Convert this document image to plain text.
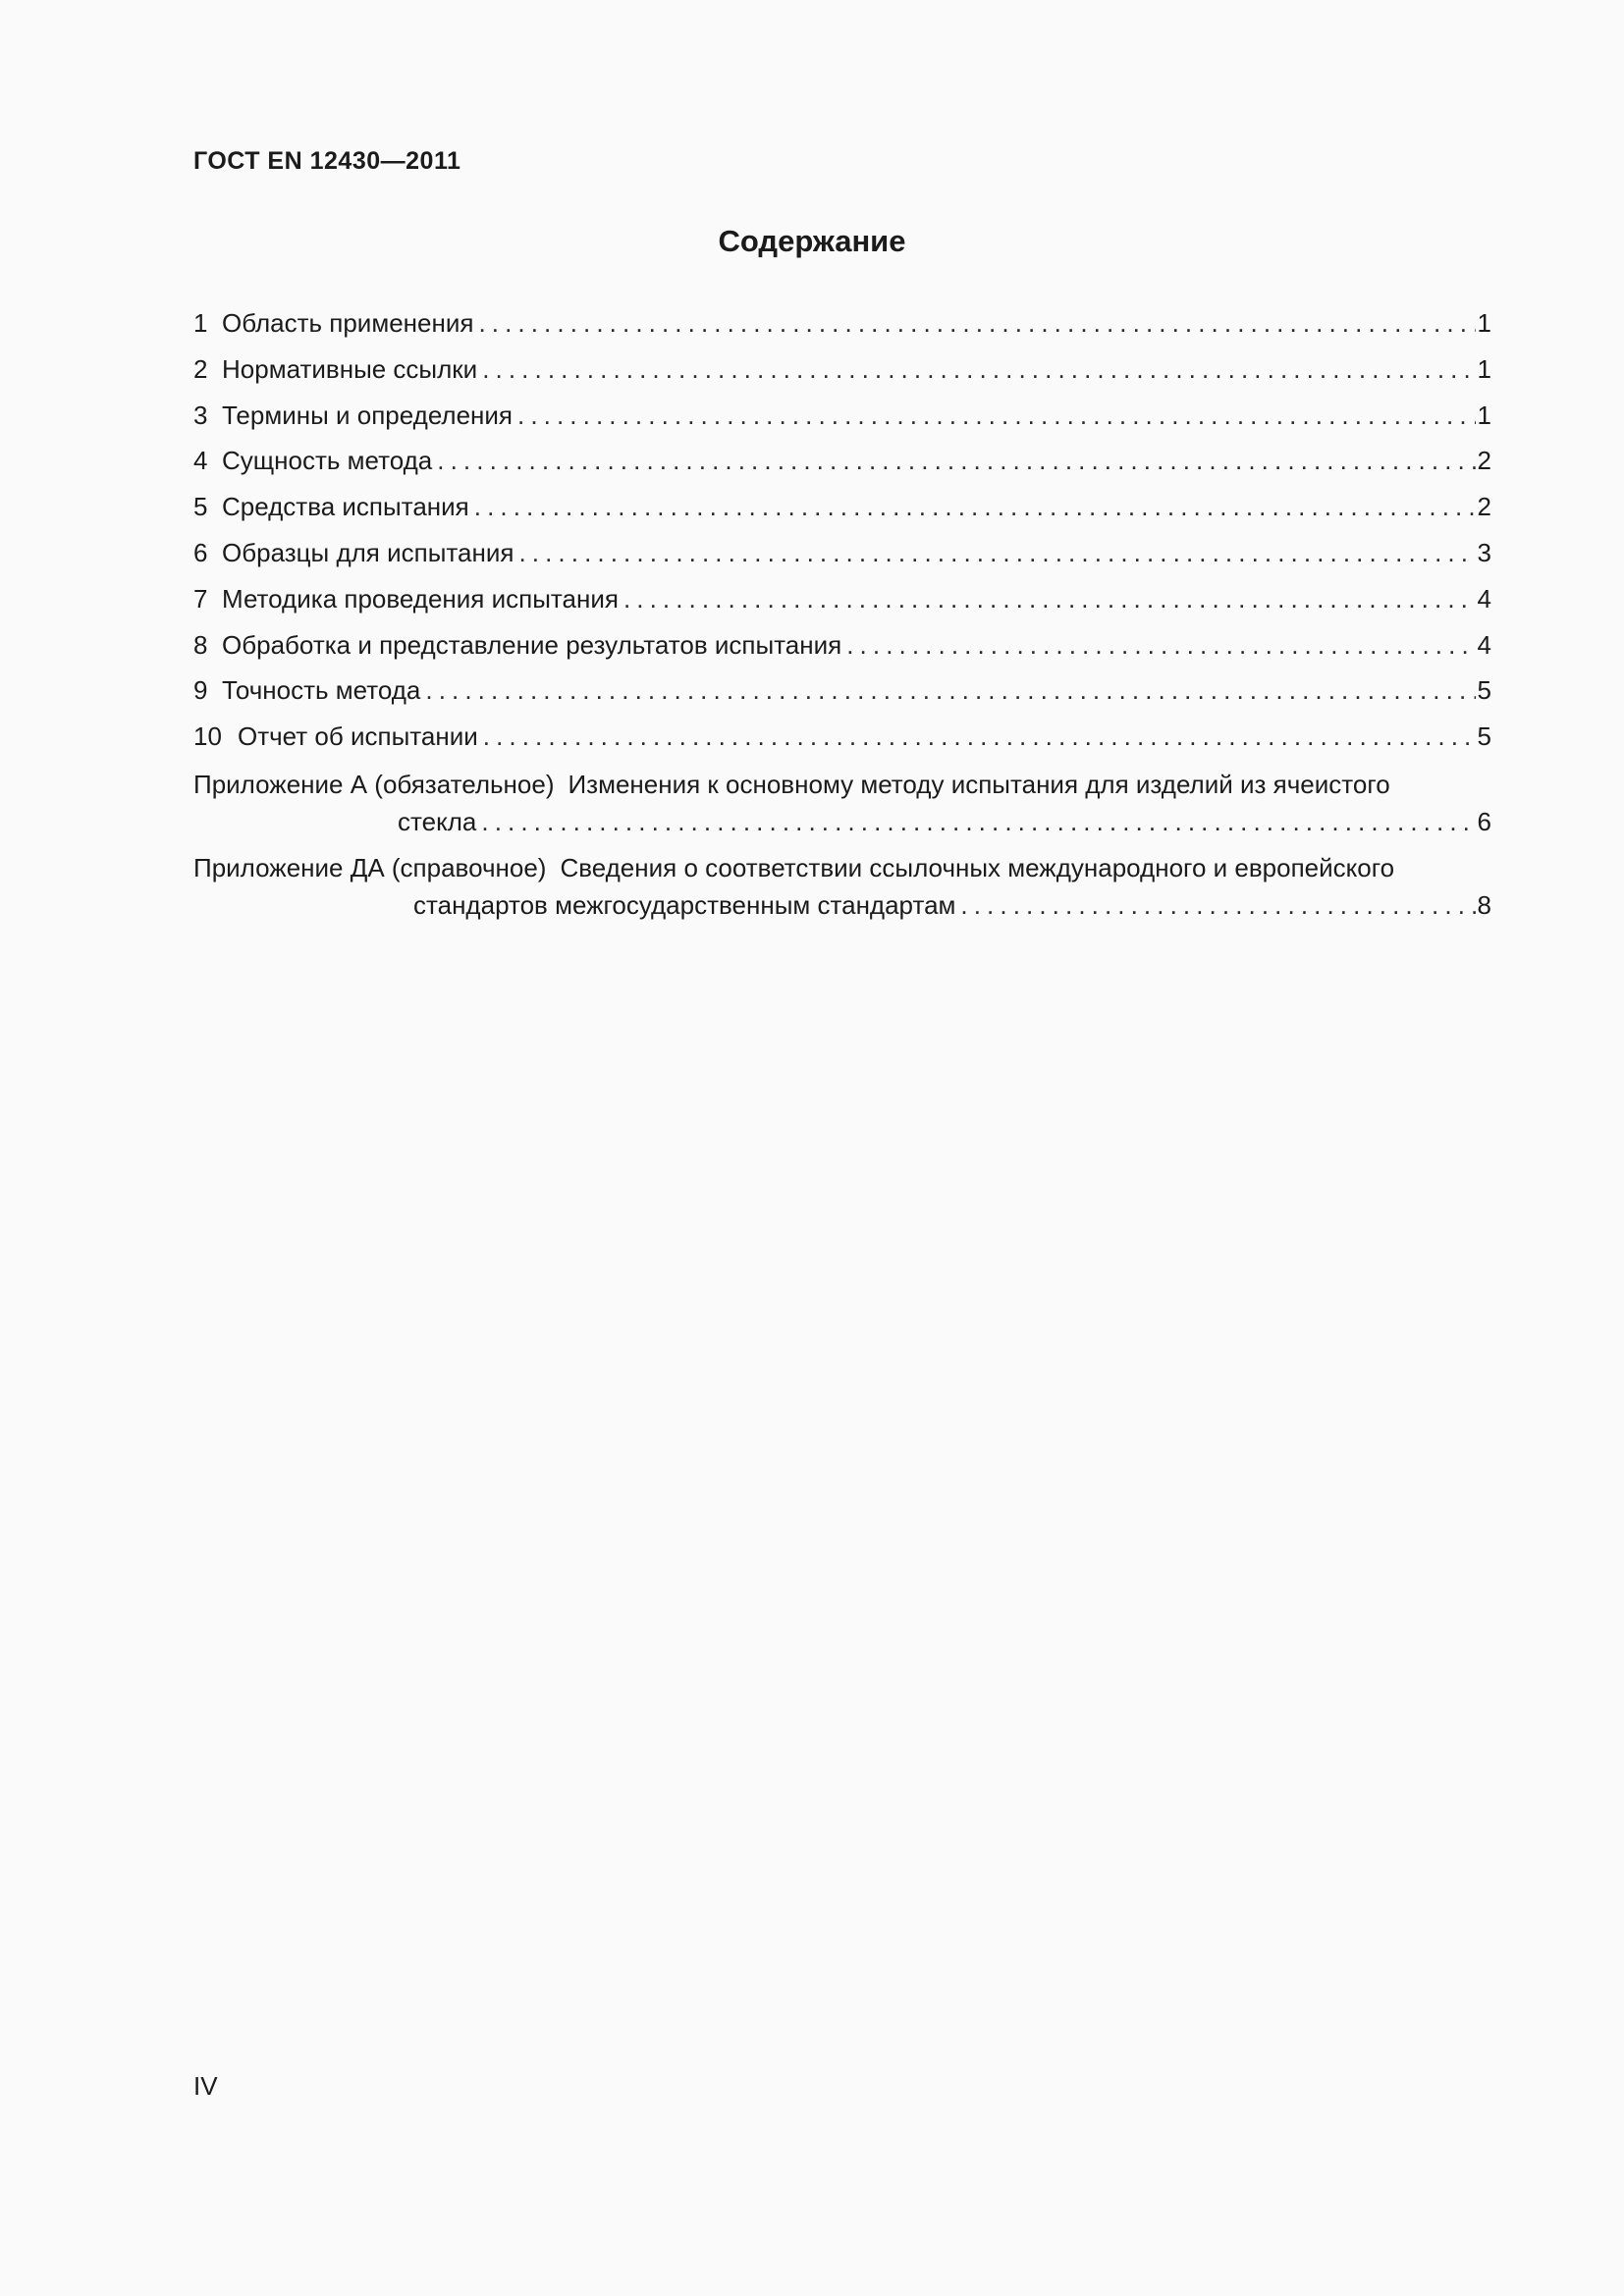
ГОСТ EN 12430—2011

Содержание
1 Область применения .....	1
2 Нормативные ссылки .....	1
3 Термины и определения .....	1
4 Сущность метода .....	2
5 Средства испытания .....	2
6 Образцы для испытания .....	3
7 Методика проведения испытания .....	4
8 Обработка и представление результатов испытания .....	4
9 Точность метода .....	5
10 Отчет об испытании .....	5
Приложение А (обязательное) Изменения к основному методу испытания для изделий из ячеистого
стекла .....	6
Приложение ДА (справочное) Сведения о соответствии ссылочных международного и европейского
стандартов межгосударственным стандартам .....	8

IV
